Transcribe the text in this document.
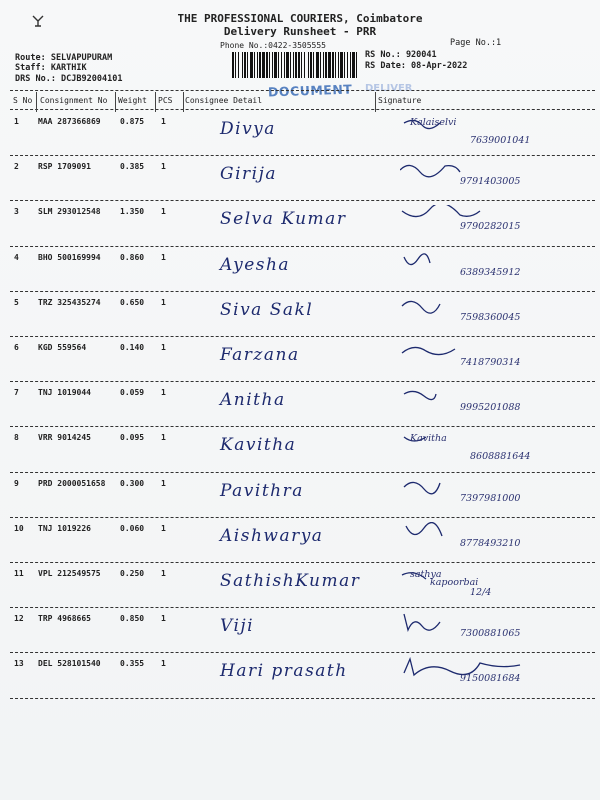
THE PROFESSIONAL COURIERS, Coimbatore
Delivery Runsheet - PRR
Phone No.:0422-3505555	Page No.:1
Route: SELVAPUPURAM
Staff: KARTHIK
DRS No.: DCJB92004101
RS No.: 920041
RS Date: 08-Apr-2022
DOCUMENT DELIVER
S No Consignment No Weight PCS Consignee Detail	Signature
1 MAA 287366869 0.875 1	Divya	Kalaiselvi
7639001041
2 RSP 1709091	0.385 1	Girija	9791403005
3 SLM 293012548 1.350 1	Selva Kumar	9790282015
4 BHO 500169994 0.860 1	Ayesha	6389345912
5 TRZ 325435274 0.650 1	Siva Sakl	7598360045
6 KGD 559564	0.140 1	Farzana	7418790314
7 TNJ 1019044	0.059 1	Anitha	9995201088
8 VRR 9014245	0.095 1	Kavitha	Kavitha
8608881644
9 PRD 2000051658 0.300 1	Pavithra	7397981000
10 TNJ 1019226	0.060 1	Aishwarya	8778493210
11 VPL 212549575 0.250 1	SathishKumar	sathya
12/4
kapoorbai
12 TRP 4968665	0.850 1	Viji	7300881065
13 DEL 528101540 0.355 1	Hari prasath	9150081684
